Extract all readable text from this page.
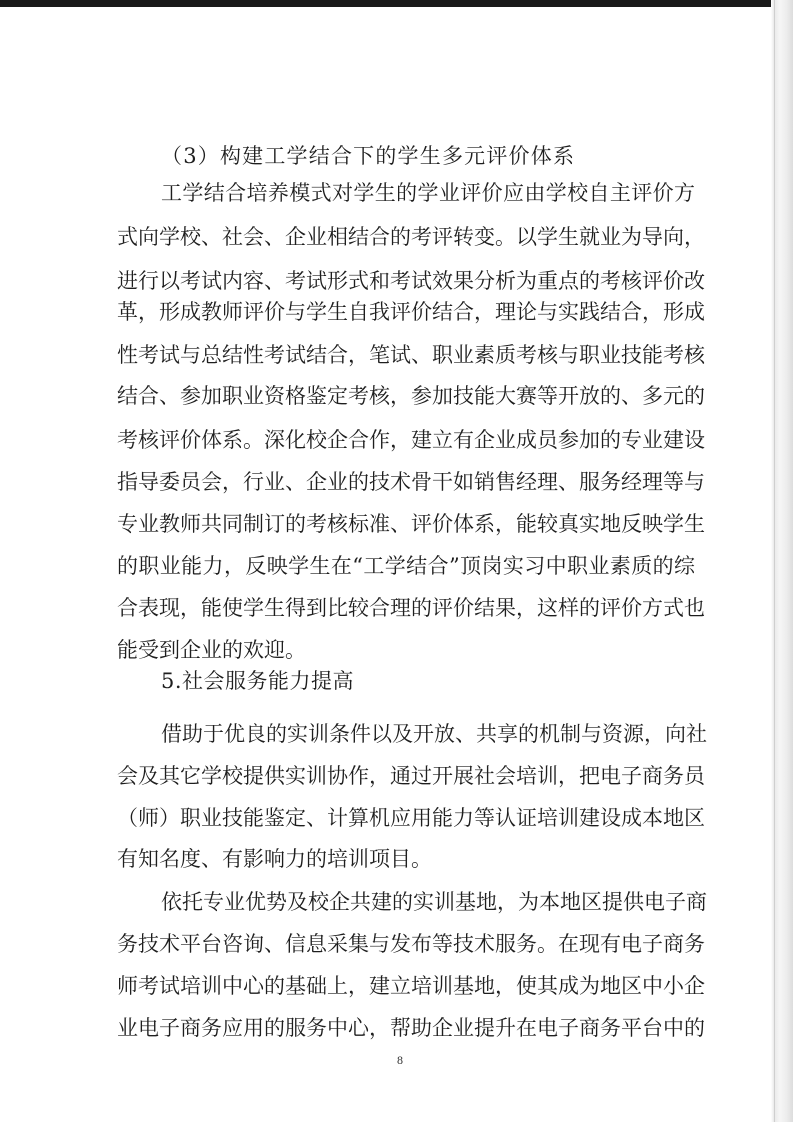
（3）构建工学结合下的学生多元评价体系
工学结合培养模式对学生的学业评价应由学校自主评价方
式向学校、社会、企业相结合的考评转变。以学生就业为导向，
进行以考试内容、考试形式和考试效果分析为重点的考核评价改
革，形成教师评价与学生自我评价结合，理论与实践结合，形成
性考试与总结性考试结合，笔试、职业素质考核与职业技能考核
结合、参加职业资格鉴定考核，参加技能大赛等开放的、多元的
考核评价体系。深化校企合作，建立有企业成员参加的专业建设
指导委员会，行业、企业的技术骨干如销售经理、服务经理等与
专业教师共同制订的考核标准、评价体系，能较真实地反映学生
的职业能力，反映学生在“工学结合”顶岗实习中职业素质的综
合表现，能使学生得到比较合理的评价结果，这样的评价方式也
能受到企业的欢迎。
5.社会服务能力提高
借助于优良的实训条件以及开放、共享的机制与资源，向社
会及其它学校提供实训协作，通过开展社会培训，把电子商务员
（师）职业技能鉴定、计算机应用能力等认证培训建设成本地区
有知名度、有影响力的培训项目。
依托专业优势及校企共建的实训基地，为本地区提供电子商
务技术平台咨询、信息采集与发布等技术服务。在现有电子商务
师考试培训中心的基础上，建立培训基地，使其成为地区中小企
业电子商务应用的服务中心，帮助企业提升在电子商务平台中的
8
